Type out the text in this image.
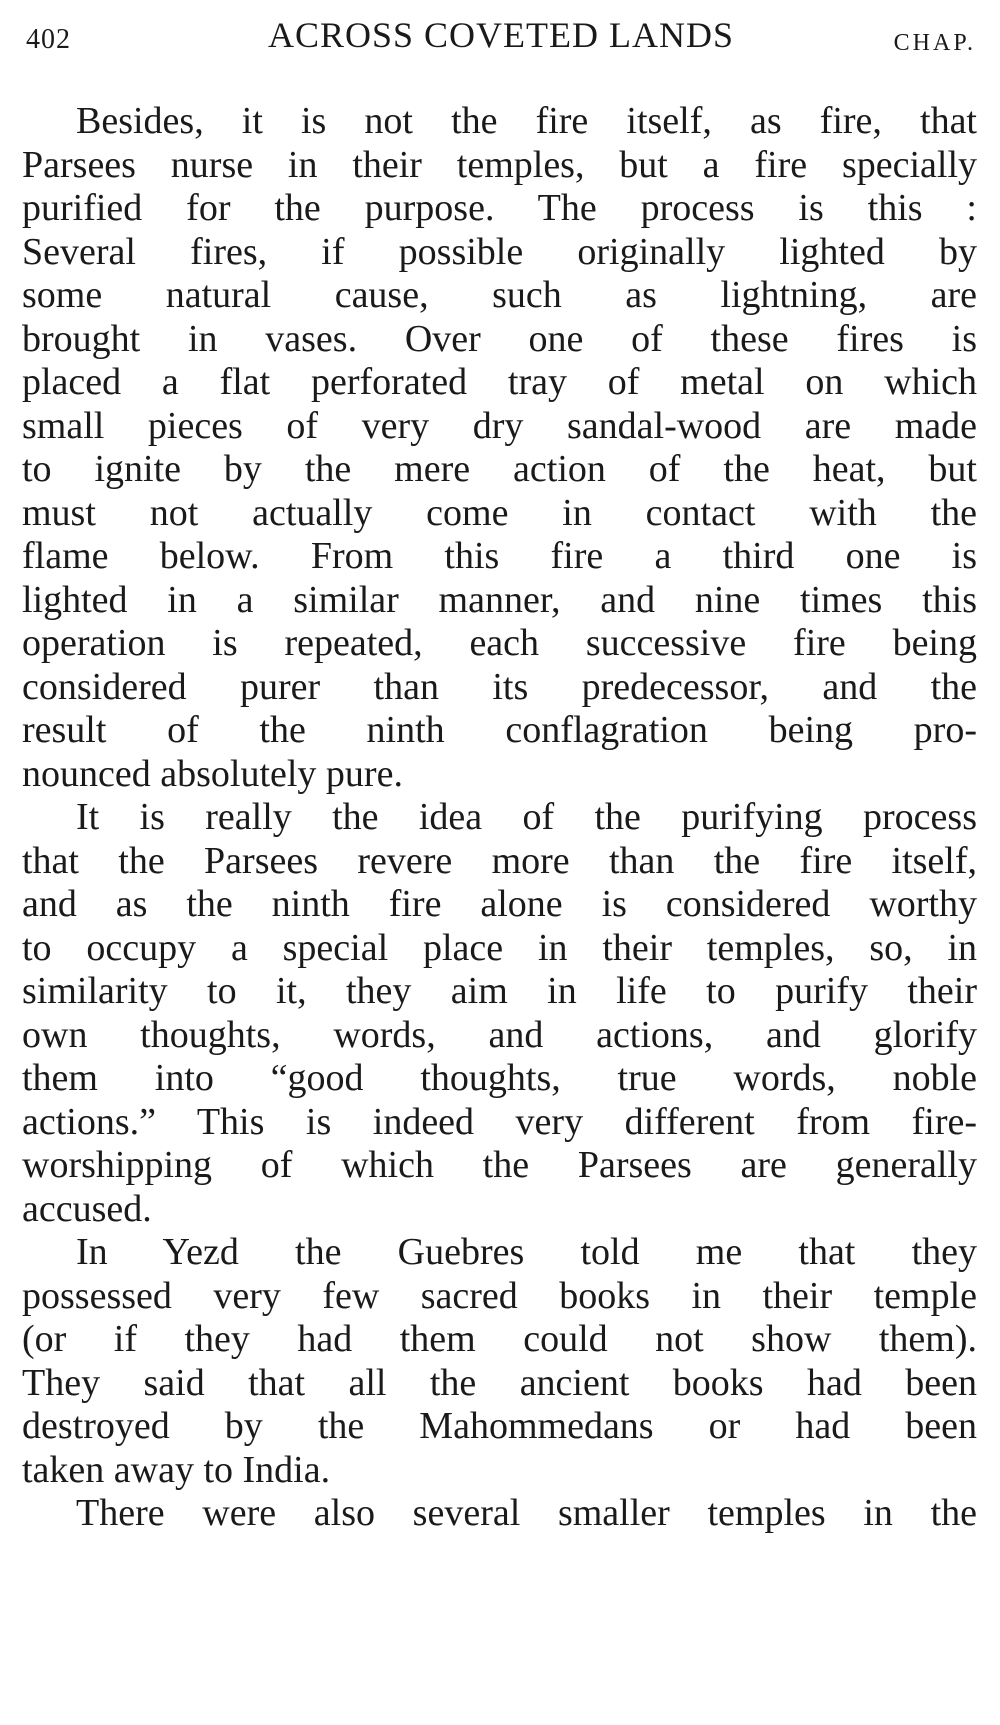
402	ACROSS COVETED LANDS	CHAP.

Besides, it is not the fire itself, as fire, that
Parsees nurse in their temples, but a fire specially
purified for the purpose. The process is this :
Several fires, if possible originally lighted by
some natural cause, such as lightning, are
brought in vases. Over one of these fires is
placed a flat perforated tray of metal on which
small pieces of very dry sandal-wood are made
to ignite by the mere action of the heat, but
must not actually come in contact with the
flame below. From this fire a third one is
lighted in a similar manner, and nine times this
operation is repeated, each successive fire being
considered purer than its predecessor, and the
result of the ninth conflagration being pro-
nounced absolutely pure.

It is really the idea of the purifying process
that the Parsees revere more than the fire itself,
and as the ninth fire alone is considered worthy
to occupy a special place in their temples, so, in
similarity to it, they aim in life to purify their
own thoughts, words, and actions, and glorify
them into “good thoughts, true words, noble
actions.” This is indeed very different from fire-
worshipping of which the Parsees are generally
accused.

In Yezd the Guebres told me that they
possessed very few sacred books in their temple
(or if they had them could not show them).
They said that all the ancient books had been
destroyed by the Mahommedans or had been
taken away to India.

There were also several smaller temples in the
